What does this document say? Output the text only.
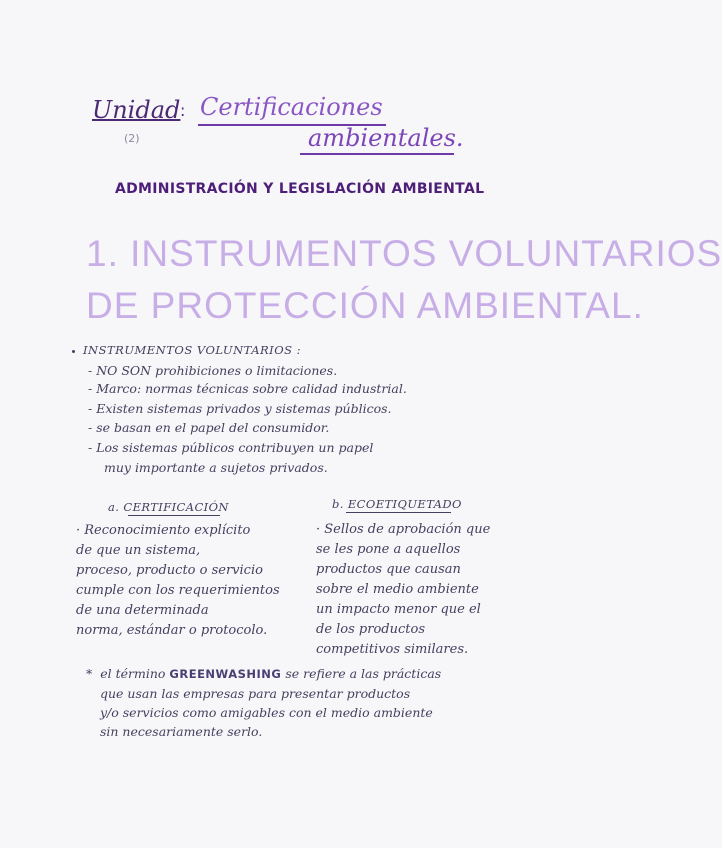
Unidad :
(2)
Certificaciones
ambientales.
ADMINISTRACIÓN Y LEGISLACIÓN AMBIENTAL
1. INSTRUMENTOS VOLUNTARIOS
DE PROTECCIÓN AMBIENTAL.
INSTRUMENTOS VOLUNTARIOS :
- NO SON prohibiciones o limitaciones.
- Marco: normas técnicas sobre calidad industrial.
- Existen sistemas privados y sistemas públicos.
- se basan en el papel del consumidor.
- Los sistemas públicos contribuyen un papel
muy importante a sujetos privados.
a. CERTIFICACIÓN
· Reconocimiento explícito
de que un sistema,
proceso, producto o servicio
cumple con los requerimientos
de una determinada
norma, estándar o protocolo.
b. ECOETIQUETADO
· Sellos de aprobación que
se les pone a aquellos
productos que causan
sobre el medio ambiente
un impacto menor que el
de los productos
competitivos similares.
* el término GREENWASHING se refiere a las prácticas
que usan las empresas para presentar productos
y/o servicios como amigables con el medio ambiente
sin necesariamente serlo.
